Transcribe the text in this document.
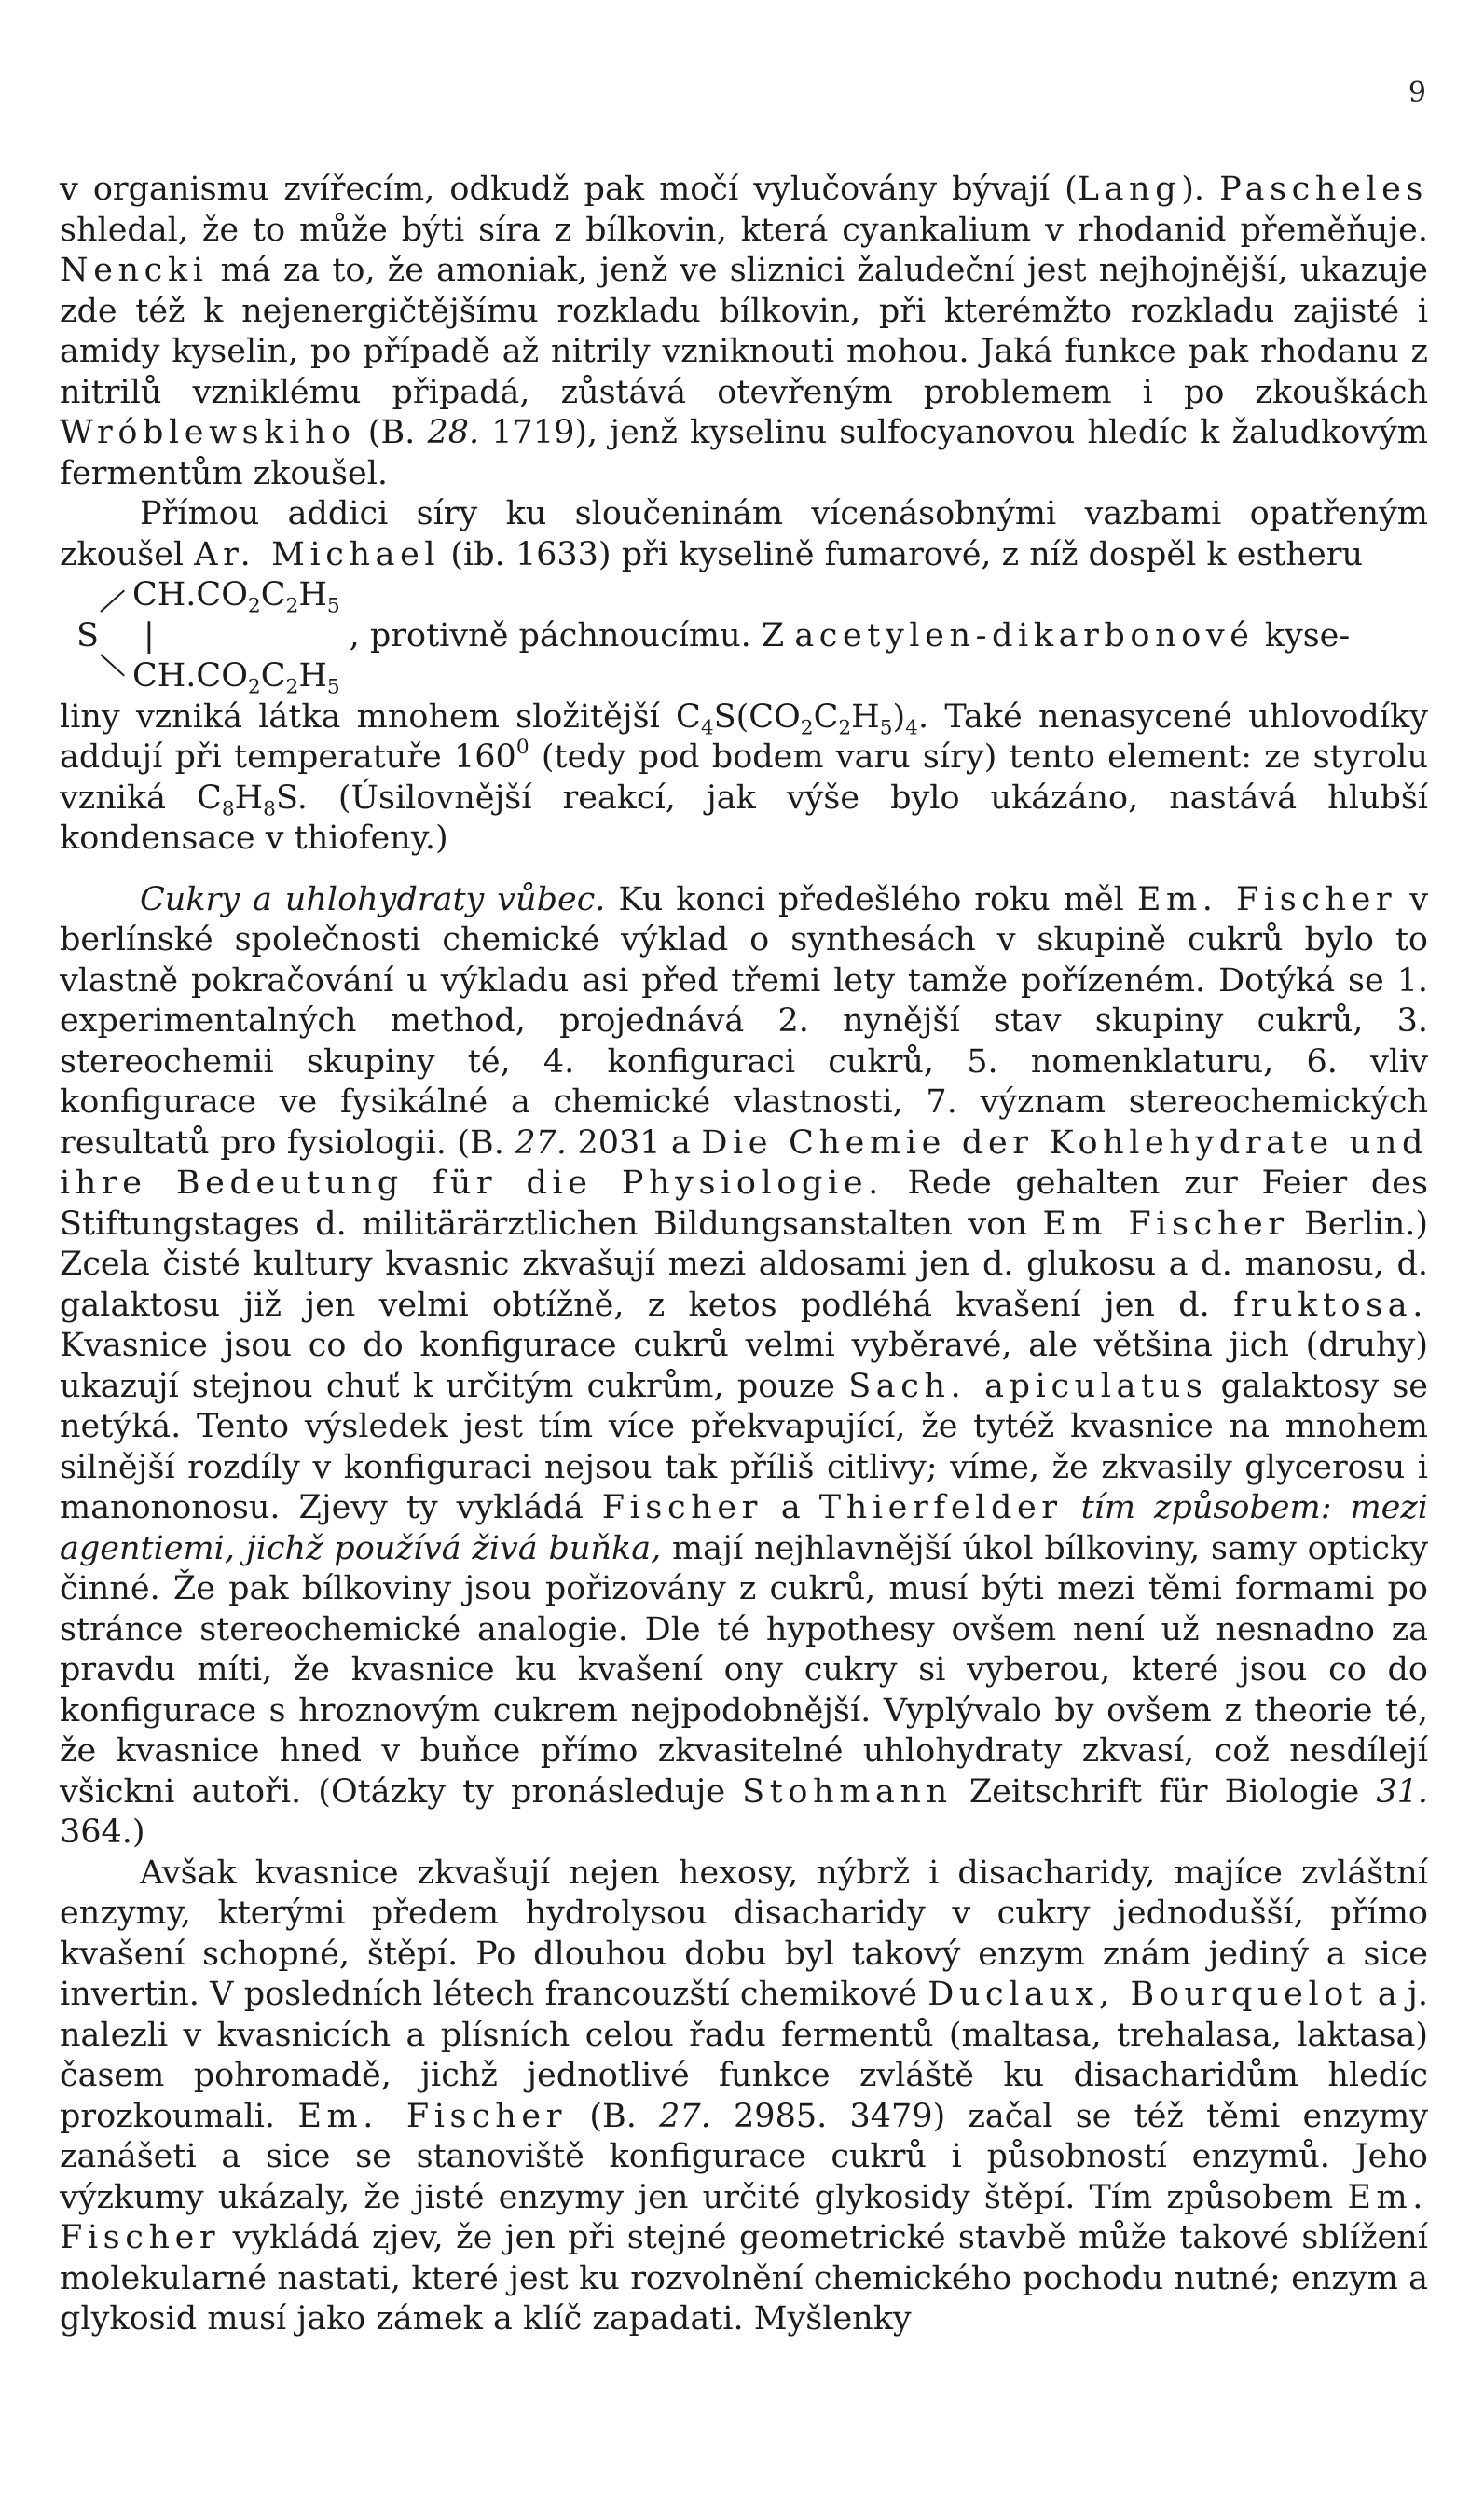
9

v organismu zvířecím, odkudž pak močí vylučovány bývají (Lang). Pascheles shledal, že to může býti síra z bílkovin, která cyankalium v rhodanid přeměňuje. Nencki má za to, že amoniak, jenž ve sliznici žaludeční jest nejhojnější, ukazuje zde též k nejenergičtějšímu rozkladu bílkovin, při kterémžto rozkladu zajisté i amidy kyselin, po případě až nitrily vzniknouti mohou. Jaká funkce pak rhodanu z nitrilů vzniklému připadá, zůstává otevřeným problemem i po zkouškách Wróblewskiho (B. 28. 1719), jenž kyselinu sulfocyanovou hledíc k žaludkovým fermentům zkoušel.

Přímou addici síry ku sloučeninám vícenásobnými vazbami opatřeným zkoušel Ar. Michael (ib. 1633) při kyselině fumarové, z níž dospěl k estheru

S
$CH.CO_2C_2H_5$
|	, protivně páchnoucímu. Z acetylen-dikarbonové kyse-
$CH.CO_2C_2H_5$

liny vzniká látka mnohem složitější $C_4S(CO_2C_2H_5)_4$. Také nenasycené uhlovodíky addují při temperatuře $160^0$ (tedy pod bodem varu síry) tento element: ze styrolu vzniká $C_8H_8S$. (Úsilovnější reakcí, jak výše bylo ukázáno, nastává hlubší kondensace v thiofeny.)

Cukry a uhlohydraty vůbec. Ku konci předešlého roku měl Em. Fischer v berlínské společnosti chemické výklad o synthesách v skupině cukrů bylo to vlastně pokračování u výkladu asi před třemi lety tamže pořízeném. Dotýká se 1. experimentalných method, projednává 2. nynější stav skupiny cukrů, 3. stereochemii skupiny té, 4. konfiguraci cukrů, 5. nomenklaturu, 6. vliv konfigurace ve fysikálné a chemické vlastnosti, 7. význam stereochemických resultatů pro fysiologii. (B. 27. 2031 a Die Chemie der Kohlehydrate und ihre Bedeutung für die Physiologie. Rede gehalten zur Feier des Stiftungstages d. militärärztlichen Bildungsanstalten von Em Fischer Berlin.) Zcela čisté kultury kvasnic zkvašují mezi aldosami jen d. glukosu a d. manosu, d. galaktosu již jen velmi obtížně, z ketos podléhá kvašení jen d. fruktosa. Kvasnice jsou co do konfigurace cukrů velmi vyběravé, ale většina jich (druhy) ukazují stejnou chuť k určitým cukrům, pouze Sach. apiculatus galaktosy se netýká. Tento výsledek jest tím více překvapující, že tytéž kvasnice na mnohem silnější rozdíly v konfiguraci nejsou tak příliš citlivy; víme, že zkvasily glycerosu i manononosu. Zjevy ty vykládá Fischer a Thierfelder tím způsobem: mezi agentiemi, jichž používá živá buňka, mají nejhlavnější úkol bílkoviny, samy opticky činné. Že pak bílkoviny jsou pořizovány z cukrů, musí býti mezi těmi formami po stránce stereochemické analogie. Dle té hypothesy ovšem není už nesnadno za pravdu míti, že kvasnice ku kvašení ony cukry si vyberou, které jsou co do konfigurace s hroznovým cukrem nejpodobnější. Vyplývalo by ovšem z theorie té, že kvasnice hned v buňce přímo zkvasitelné uhlohydraty zkvasí, což nesdílejí všickni autoři. (Otázky ty pronásleduje Stohmann Zeitschrift für Biologie 31. 364.)

Avšak kvasnice zkvašují nejen hexosy, nýbrž i disacharidy, majíce zvláštní enzymy, kterými předem hydrolysou disacharidy v cukry jednodušší, přímo kvašení schopné, štěpí. Po dlouhou dobu byl takový enzym znám jediný a sice invertin. V posledních létech francouzští chemikové Duclaux, Bourquelot a j. nalezli v kvasnicích a plísních celou řadu fermentů (maltasa, trehalasa, laktasa) časem pohromadě, jichž jednotlivé funkce zvláště ku disacharidům hledíc prozkoumali. Em. Fischer (B. 27. 2985. 3479) začal se též těmi enzymy zanášeti a sice se stanoviště konfigurace cukrů i působností enzymů. Jeho výzkumy ukázaly, že jisté enzymy jen určité glykosidy štěpí. Tím způsobem Em. Fischer vykládá zjev, že jen při stejné geometrické stavbě může takové sblížení molekularné nastati, které jest ku rozvolnění chemického pochodu nutné; enzym a glykosid musí jako zámek a klíč zapadati. Myšlenky
